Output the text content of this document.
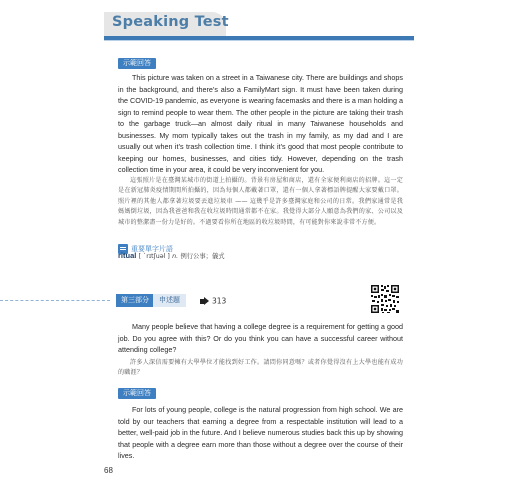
Speaking Test
示範回答
This picture was taken on a street in a Taiwanese city. There are buildings and shops in the background, and there’s also a FamilyMart sign. It must have been taken during the COVID-19 pandemic, as everyone is wearing facemasks and there is a man holding a sign to remind people to wear them. The other people in the picture are taking their trash to the garbage truck—an almost daily ritual in many Taiwanese households and businesses. My mom typically takes out the trash in my family, as my dad and I are usually out when it’s trash collection time. I think it’s good that most people contribute to keeping our homes, businesses, and cities tidy. However, depending on the trash collection time in your area, it could be very inconvenient for you.
這張照片是在臺灣某城市的街道上拍攝的。背景有房屋和商店，還有全家便利商店的招牌。這一定是在新冠肺炎疫情期間所拍攝的，因為每個人都戴著口罩，還有一個人拿著標語牌提醒大家要戴口罩。照片裡的其他人都拿著垃圾要丟進垃圾車 —— 這幾乎是許多臺灣家庭和公司的日常。我們家通常是我媽媽倒垃圾，因為我爸爸和我在收垃圾時間通常都不在家。我覺得大部分人願意為我們的家、公司以及城市的整潔盡一份力是好的。不過要看你所在地區的收垃圾時間，有可能對你來說非常不方便。
重要單字片語
ritual [ ˋrɪtʃuəl ] n. 例行公事；儀式
第三部分	申述題	313
Many people believe that having a college degree is a requirement for getting a good job. Do you agree with this? Or do you think you can have a successful career without attending college?
許多人深信需要擁有大學學位才能找到好工作。請問你同意嗎？或者你覺得沒有上大學也能有成功的職涯？
示範回答
For lots of young people, college is the natural progression from high school. We are told by our teachers that earning a degree from a respectable institution will lead to a better, well-paid job in the future. And I believe numerous studies back this up by showing that people with a degree earn more than those without a degree over the course of their lives.
68
